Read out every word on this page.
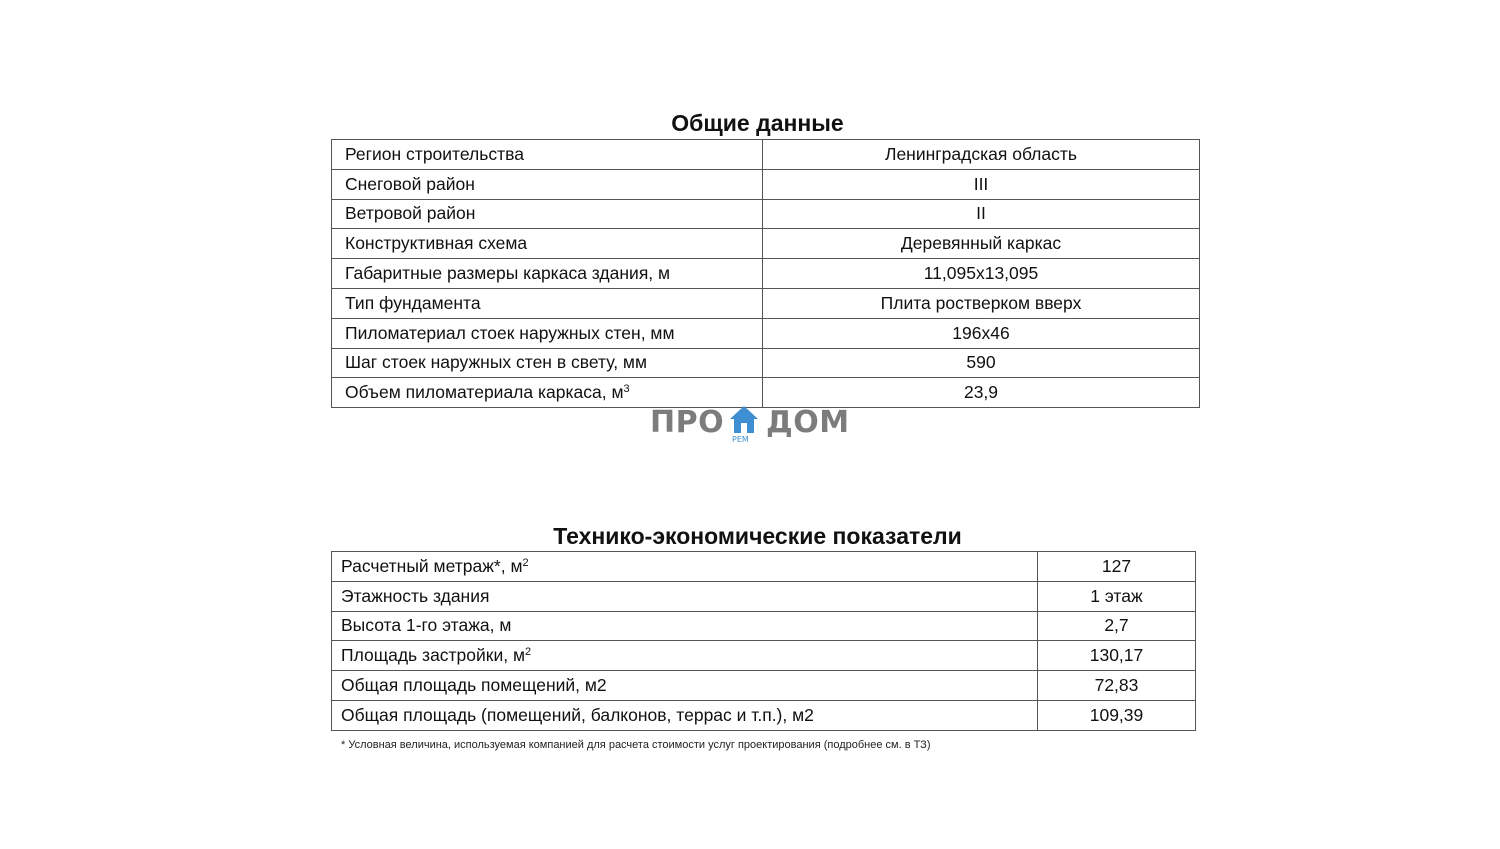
Общие данные
Регион строительства	Ленинградская область
Снеговой район	III
Ветровой район	II
Конструктивная схема	Деревянный каркас
Габаритные размеры каркаса здания, м	11,095x13,095
Тип фундамента	Плита ростверком вверх
Пиломатериал стоек наружных стен, мм	196x46
Шаг стоек наружных стен в свету, мм	590
Объем пиломатериала каркаса, $м^3$	23,9
ПРО РЕМ ДОМ
Технико-экономические показатели
Расчетный метраж*, $м^2$	127
Этажность здания	1 этаж
Высота 1-го этажа, м	2,7
Площадь застройки, $м^2$	130,17
Общая площадь помещений, м2	72,83
Общая площадь (помещений, балконов, террас и т.п.), м2	109,39

* Условная величина, используемая компанией для расчета стоимости услуг проектирования (подробнее см. в ТЗ)
